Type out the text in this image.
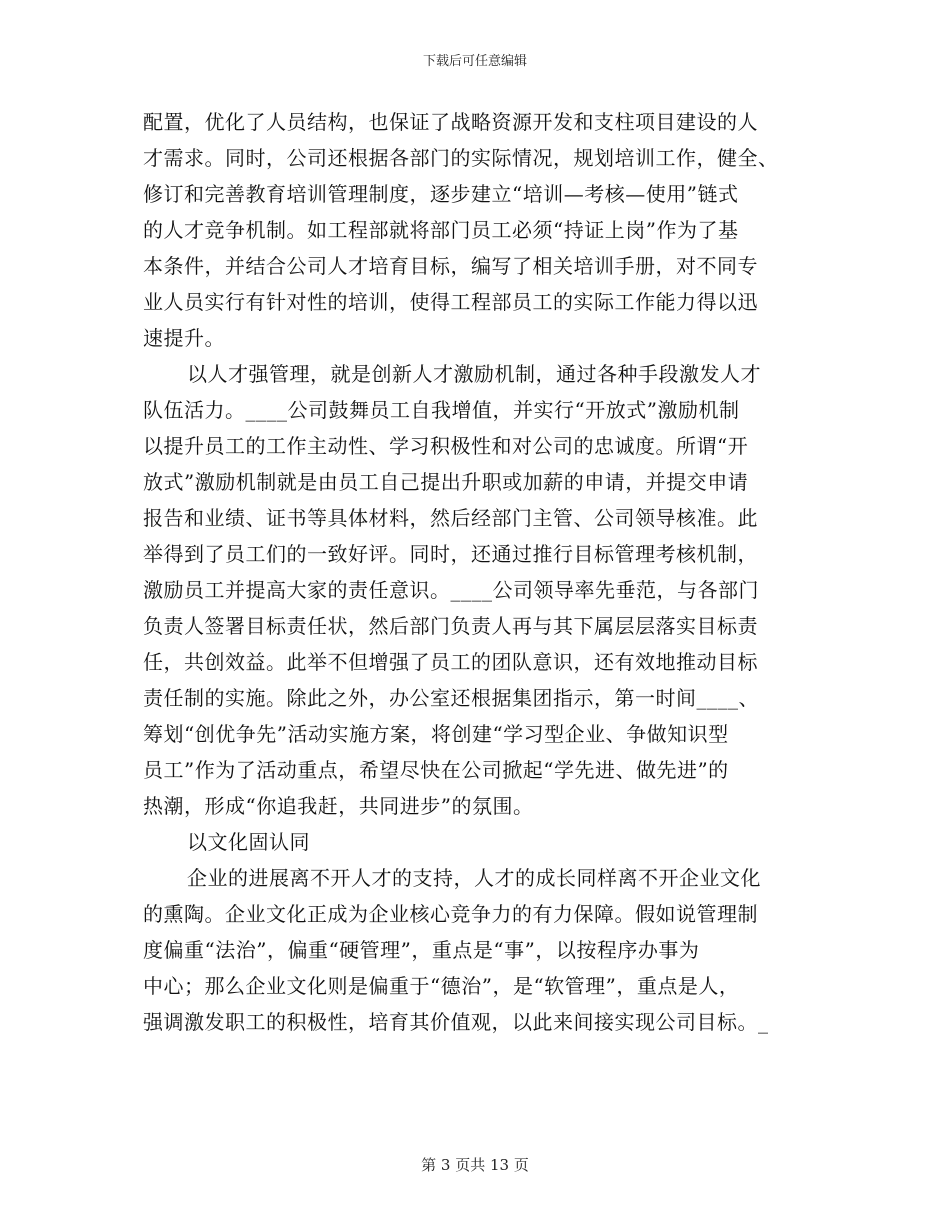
下载后可任意编辑

配置，优化了人员结构，也保证了战略资源开发和支柱项目建设的人
才需求。同时，公司还根据各部门的实际情况，规划培训工作，健全、
修订和完善教育培训管理制度，逐步建立“培训—考核—使用”链式
的人才竞争机制。如工程部就将部门员工必须“持证上岗”作为了基
本条件，并结合公司人才培育目标，编写了相关培训手册，对不同专
业人员实行有针对性的培训，使得工程部员工的实际工作能力得以迅
速提升。

以人才强管理，就是创新人才激励机制，通过各种手段激发人才
队伍活力。____公司鼓舞员工自我增值，并实行“开放式”激励机制
以提升员工的工作主动性、学习积极性和对公司的忠诚度。所谓“开
放式”激励机制就是由员工自己提出升职或加薪的申请，并提交申请
报告和业绩、证书等具体材料，然后经部门主管、公司领导核准。此
举得到了员工们的一致好评。同时，还通过推行目标管理考核机制，
激励员工并提高大家的责任意识。____公司领导率先垂范，与各部门
负责人签署目标责任状，然后部门负责人再与其下属层层落实目标责
任，共创效益。此举不但增强了员工的团队意识，还有效地推动目标
责任制的实施。除此之外，办公室还根据集团指示，第一时间____、
筹划“创优争先”活动实施方案，将创建“学习型企业、争做知识型
员工”作为了活动重点，希望尽快在公司掀起“学先进、做先进”的
热潮，形成“你追我赶，共同进步”的氛围。

以文化固认同

企业的进展离不开人才的支持，人才的成长同样离不开企业文化
的熏陶。企业文化正成为企业核心竞争力的有力保障。假如说管理制
度偏重“法治”，偏重“硬管理”，重点是“事”，以按程序办事为
中心；那么企业文化则是偏重于“德治”，是“软管理”，重点是人，
强调激发职工的积极性，培育其价值观，以此来间接实现公司目标。_

第 3 页共 13 页
